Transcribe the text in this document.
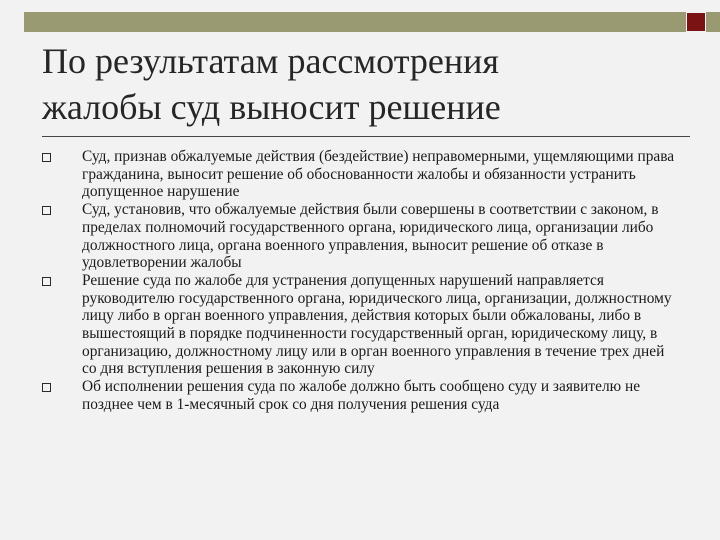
По результатам рассмотрения
жалобы суд выносит решение
Суд, признав обжалуемые действия (бездействие) неправомерными, ущемляющими права гражданина, выносит решение об обоснованности жалобы и обязанности устранить допущенное нарушение
Суд, установив, что обжалуемые действия были совершены в соответствии с законом, в пределах полномочий государственного органа, юридического лица, организации либо должностного лица, органа военного управления, выносит решение об отказе в удовлетворении жалобы
Решение суда по жалобе для устранения допущенных нарушений направляется руководителю государственного органа, юридического лица, организации, должностному лицу либо в орган военного управления, действия которых были обжалованы, либо в вышестоящий в порядке подчиненности государственный орган, юридическому лицу, в организацию, должностному лицу или в орган военного управления в течение трех дней со дня вступления решения в законную силу
Об исполнении решения суда по жалобе должно быть сообщено суду и заявителю не позднее чем в 1-месячный срок со дня получения решения суда
